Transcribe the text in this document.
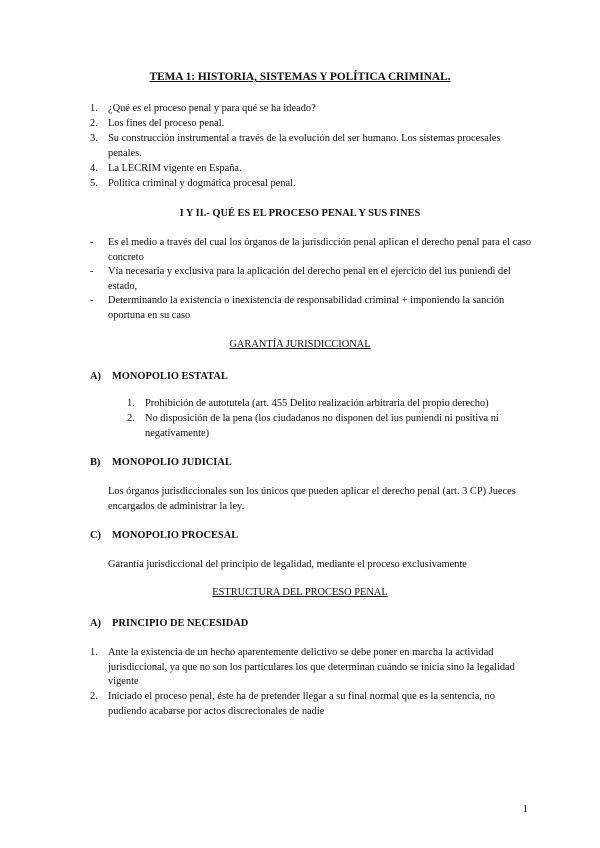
TEMA 1: HISTORIA, SISTEMAS Y POLÍTICA CRIMINAL.
1. ¿Qué es el proceso penal y para qué se ha ideado?
2. Los fines del proceso penal.
3. Su construcción instrumental a través de la evolución del ser humano. Los sistemas procesales penales.
4. La LECRIM vigente en España.
5. Política criminal y dogmática procesal penal.
I Y II.- QUÉ ES EL PROCESO PENAL Y SUS FINES
- Es el medio a través del cual los órganos de la jurisdicción penal aplican el derecho penal para el caso concreto
- Vía necesaria y exclusiva para la aplicación del derecho penal en el ejercicio del ius puniendi del estado,
- Determinando la existencia o inexistencia de responsabilidad criminal + imponiendo la sanción oportuna en su caso
GARANTÍA JURISDICCIONAL
A) MONOPOLIO ESTATAL
1. Prohibición de autotutela (art. 455 Delito realización arbitraria del propio derecho)
2. No disposición de la pena (los ciudadanos no disponen del ius puniendi ni positiva ni negativamente)
B) MONOPOLIO JUDICIAL
Los órganos jurisdiccionales son los únicos que pueden aplicar el derecho penal (art. 3 CP) Jueces encargados de administrar la ley.
C) MONOPOLIO PROCESAL
Garantía jurisdiccional del principio de legalidad, mediante el proceso exclusivamente
ESTRUCTURA DEL PROCESO PENAL
A) PRINCIPIO DE NECESIDAD
1. Ante la existencia de un hecho aparentemente delictivo se debe poner en marcha la actividad jurisdiccional, ya que no son los particulares los que determinan cuándo se inicia sino la legalidad vigente
2. Iniciado el proceso penal, éste ha de pretender llegar a su final normal que es la sentencia, no pudiendo acabarse por actos discrecionales de nadie
1
